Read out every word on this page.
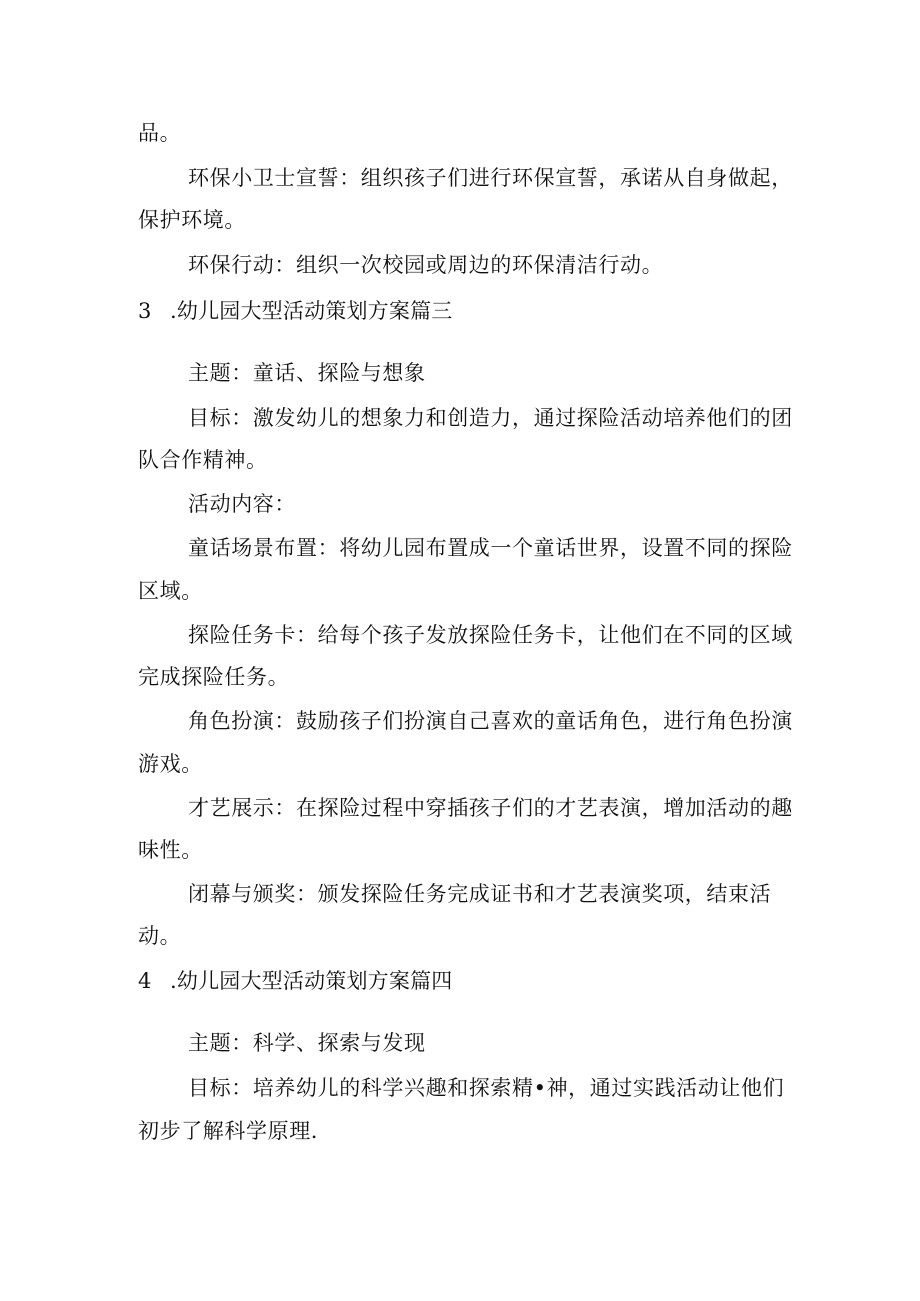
品。
环保小卫士宣誓：组织孩子们进行环保宣誓，承诺从自身做起，
保护环境。
环保行动：组织一次校园或周边的环保清洁行动。
3 .幼儿园大型活动策划方案篇三
主题：童话、探险与想象
目标：激发幼儿的想象力和创造力，通过探险活动培养他们的团
队合作精神。
活动内容：
童话场景布置：将幼儿园布置成一个童话世界，设置不同的探险
区域。
探险任务卡：给每个孩子发放探险任务卡，让他们在不同的区域
完成探险任务。
角色扮演：鼓励孩子们扮演自己喜欢的童话角色，进行角色扮演
游戏。
才艺展示：在探险过程中穿插孩子们的才艺表演，增加活动的趣
味性。
闭幕与颁奖：颁发探险任务完成证书和才艺表演奖项，结束活
动。
4 .幼儿园大型活动策划方案篇四
主题：科学、探索与发现
目标：培养幼儿的科学兴趣和探索精•神，通过实践活动让他们
初步了解科学原理.
